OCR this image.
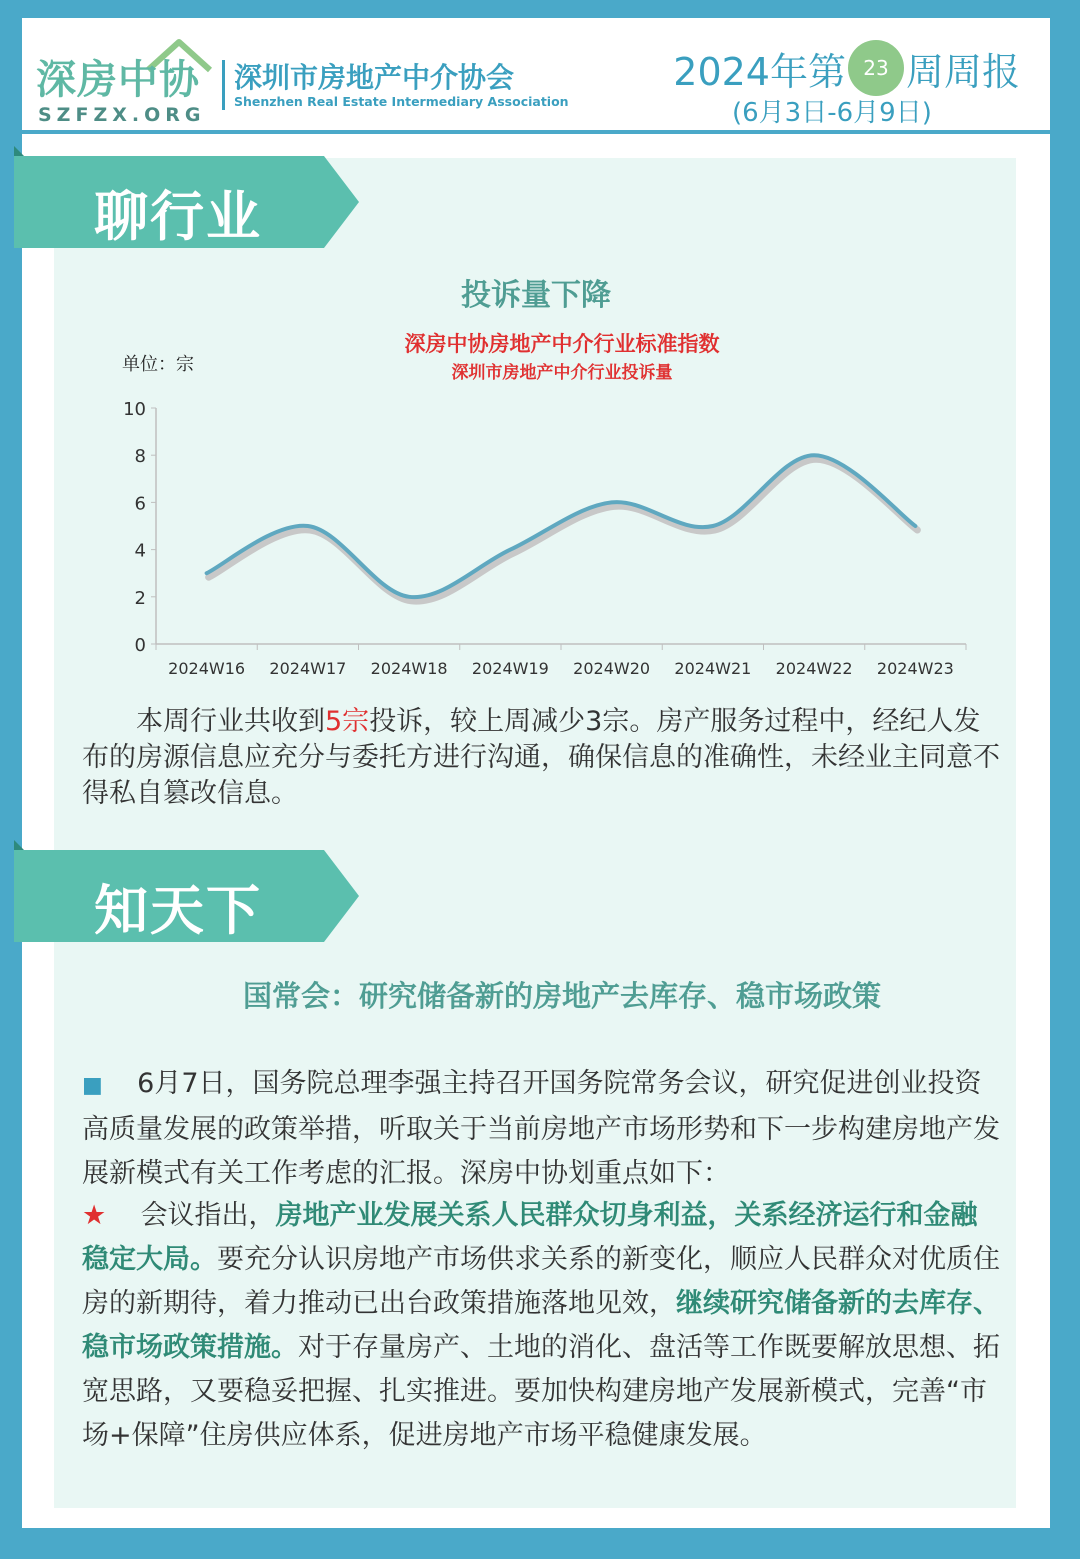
深房中协
SZFZX.ORG
深圳市房地产中介协会
Shenzhen Real Estate Intermediary Association
2024年第 23 周周报
(6月3日-6月9日)
聊行业
投诉量下降
深房中协房地产中介行业标准指数
深圳市房地产中介行业投诉量
单位：宗
0
2
4
6
8
10
2024W16 2024W17 2024W18 2024W19 2024W20 2024W21 2024W22 2024W23
本周行业共收到5宗投诉，较上周减少3宗。房产服务过程中，经纪人发布的房源信息应充分与委托方进行沟通，确保信息的准确性，未经业主同意不得私自篡改信息。
知天下
国常会：研究储备新的房地产去库存、稳市场政策
■ 6月7日，国务院总理李强主持召开国务院常务会议，研究促进创业投资高质量发展的政策举措，听取关于当前房地产市场形势和下一步构建房地产发展新模式有关工作考虑的汇报。深房中协划重点如下：
★ 会议指出，房地产业发展关系人民群众切身利益，关系经济运行和金融稳定大局。要充分认识房地产市场供求关系的新变化，顺应人民群众对优质住房的新期待，着力推动已出台政策措施落地见效，继续研究储备新的去库存、稳市场政策措施。对于存量房产、土地的消化、盘活等工作既要解放思想、拓宽思路，又要稳妥把握、扎实推进。要加快构建房地产发展新模式，完善“市场+保障”住房供应体系，促进房地产市场平稳健康发展。
